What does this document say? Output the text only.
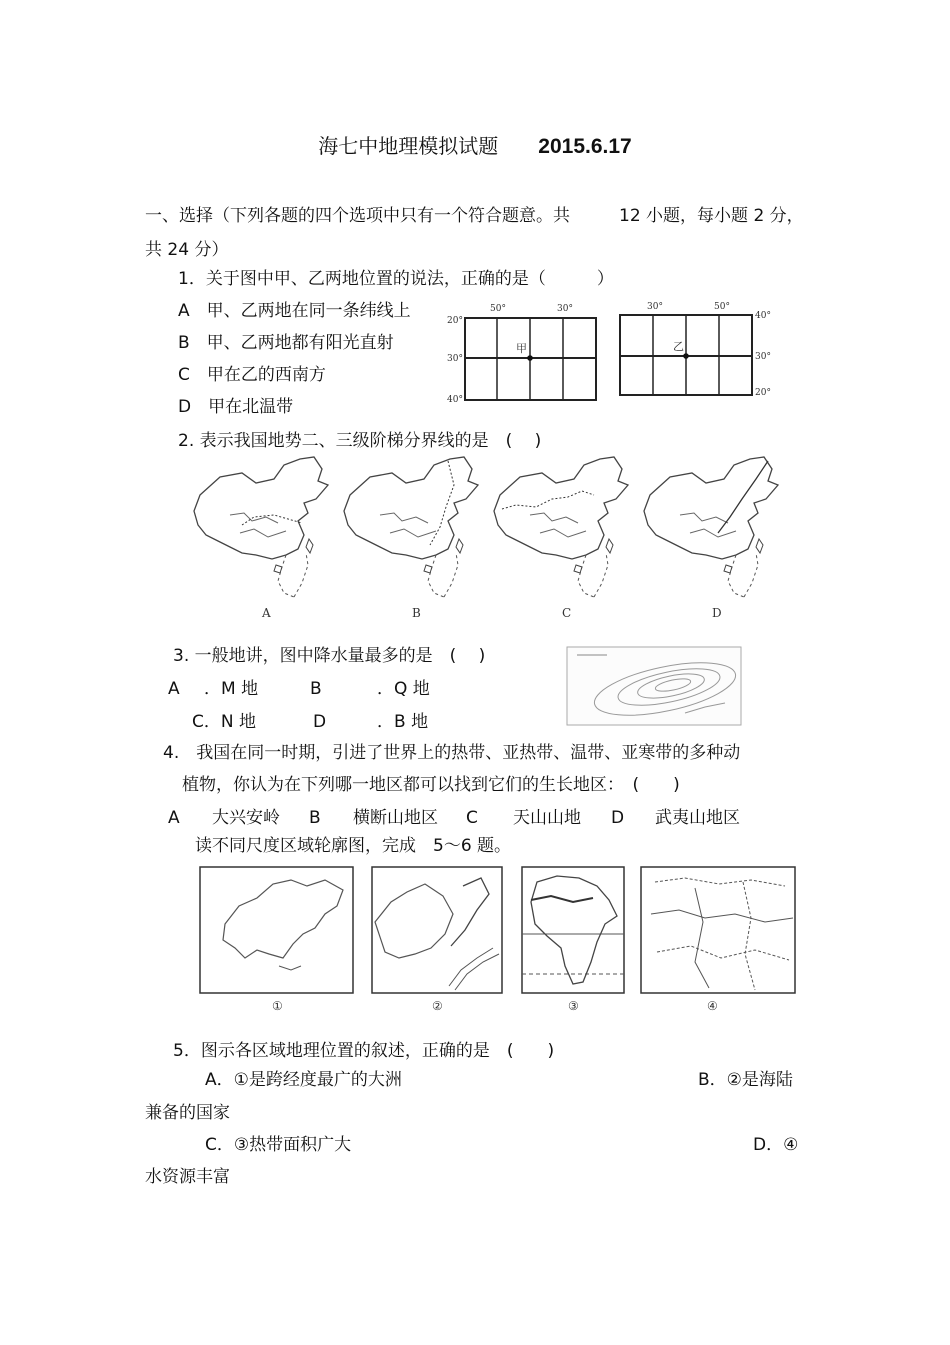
海七中地理模拟试题 2015.6.17
一、选择（下列各题的四个选项中只有一个符合题意。共	12 小题，每小题 2 分，
共 24 分）
1．关于图中甲、乙两地位置的说法，正确的是（　　　）
A　甲、乙两地在同一条纬线上
B　甲、乙两地都有阳光直射
C　甲在乙的西南方
D　甲在北温带
50°	30°
20°
30°
40°
甲
30°	50°
40°
30°
20°
乙
2. 表示我国地势二、三级阶梯分界线的是　(　 )
A	B	C	D
3. 一般地讲，图中降水量最多的是　(　 )
A ．M 地	B	．Q 地
C．N 地	D	．B 地
4.　我国在同一时期，引进了世界上的热带、亚热带、温带、亚寒带的多种动
植物，你认为在下列哪一地区都可以找到它们的生长地区：　(　　)
A 大兴安岭 B 横断山地区 C 天山山地 D 武夷山地区
读不同尺度区域轮廓图，完成　5～6 题。
①	②	③	④
5．图示各区域地理位置的叙述，正确的是　(　　)
A．①是跨经度最广的大洲	B．②是海陆
兼备的国家
C．③热带面积广大	D．④
水资源丰富
